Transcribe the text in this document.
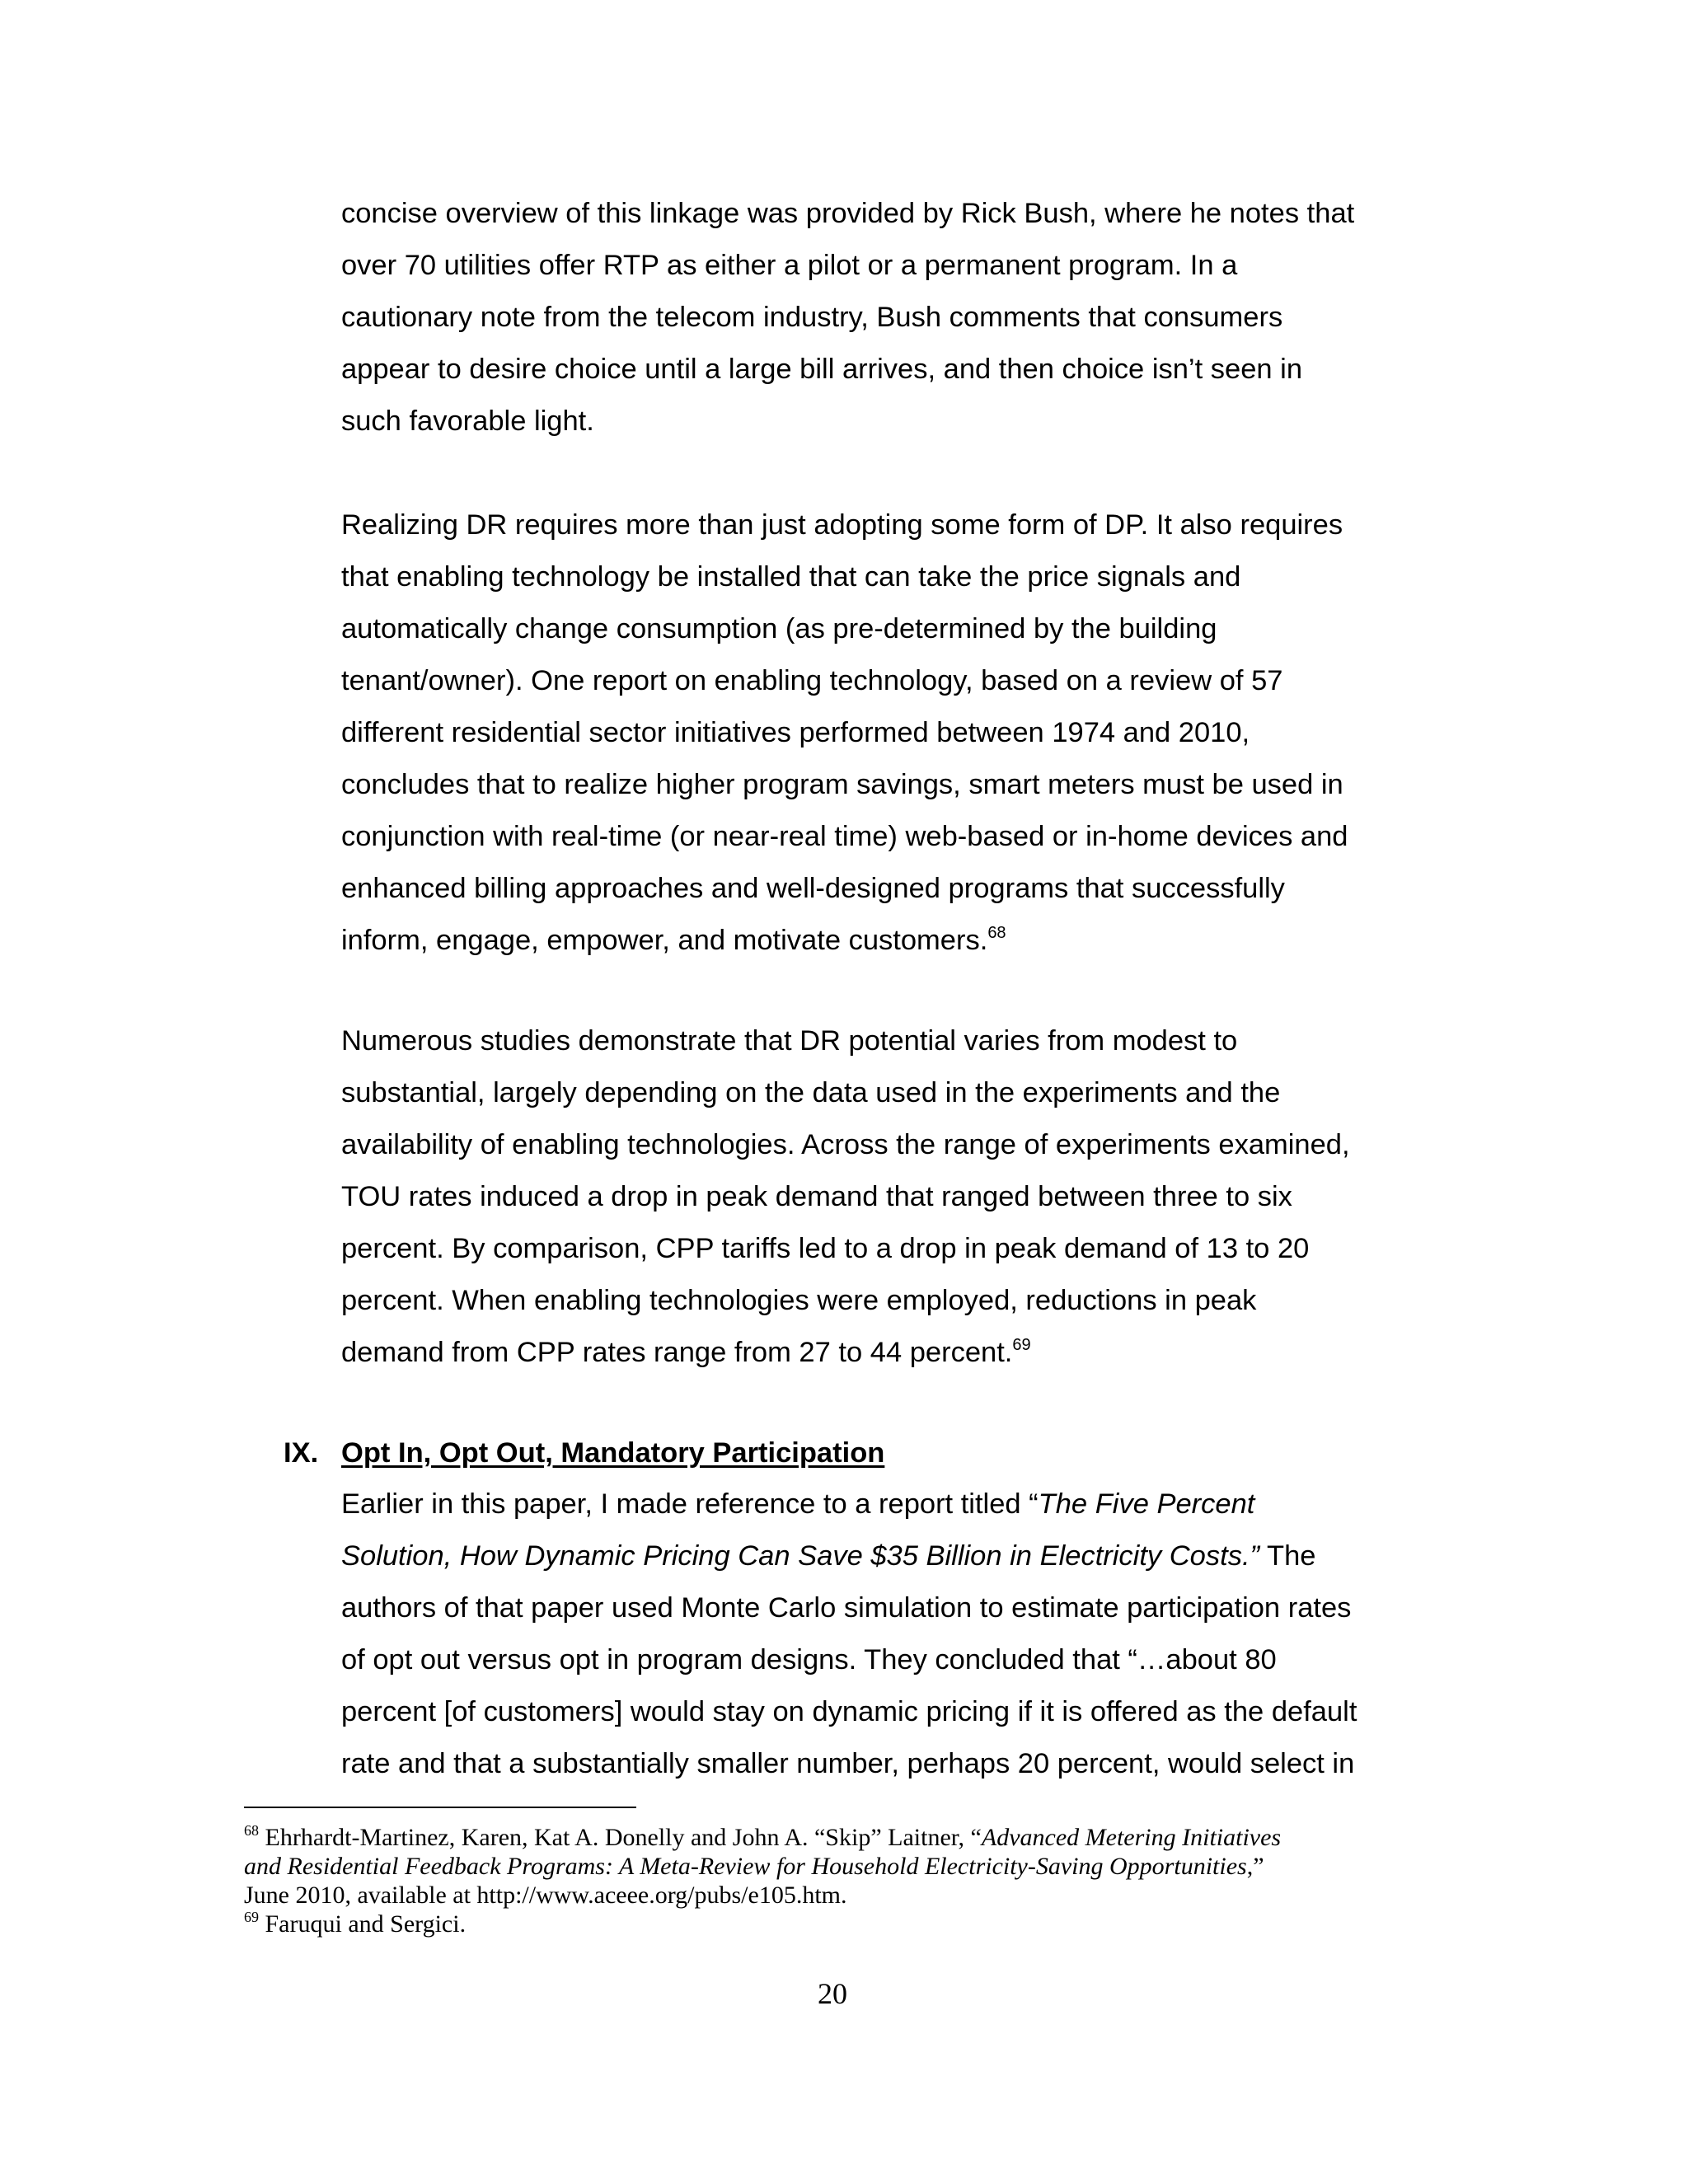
concise overview of this linkage was provided by Rick Bush, where he notes that
over 70 utilities offer RTP as either a pilot or a permanent program. In a
cautionary note from the telecom industry, Bush comments that consumers
appear to desire choice until a large bill arrives, and then choice isn’t seen in
such favorable light.

Realizing DR requires more than just adopting some form of DP. It also requires
that enabling technology be installed that can take the price signals and
automatically change consumption (as pre-determined by the building
tenant/owner). One report on enabling technology, based on a review of 57
different residential sector initiatives performed between 1974 and 2010,
concludes that to realize higher program savings, smart meters must be used in
conjunction with real-time (or near-real time) web-based or in-home devices and
enhanced billing approaches and well-designed programs that successfully
inform, engage, empower, and motivate customers.$^{68}$

Numerous studies demonstrate that DR potential varies from modest to
substantial, largely depending on the data used in the experiments and the
availability of enabling technologies. Across the range of experiments examined,
TOU rates induced a drop in peak demand that ranged between three to six
percent. By comparison, CPP tariffs led to a drop in peak demand of 13 to 20
percent. When enabling technologies were employed, reductions in peak
demand from CPP rates range from 27 to 44 percent.$^{69}$

IX. Opt In, Opt Out, Mandatory Participation

Earlier in this paper, I made reference to a report titled “The Five Percent
Solution, How Dynamic Pricing Can Save $35 Billion in Electricity Costs.” The
authors of that paper used Monte Carlo simulation to estimate participation rates
of opt out versus opt in program designs. They concluded that “…about 80
percent [of customers] would stay on dynamic pricing if it is offered as the default
rate and that a substantially smaller number, perhaps 20 percent, would select in

$^{68}$ Ehrhardt-Martinez, Karen, Kat A. Donelly and John A. “Skip” Laitner, “Advanced Metering Initiatives
and Residential Feedback Programs: A Meta-Review for Household Electricity-Saving Opportunities,”
June 2010, available at http://www.aceee.org/pubs/e105.htm.
$^{69}$ Faruqui and Sergici.
20
